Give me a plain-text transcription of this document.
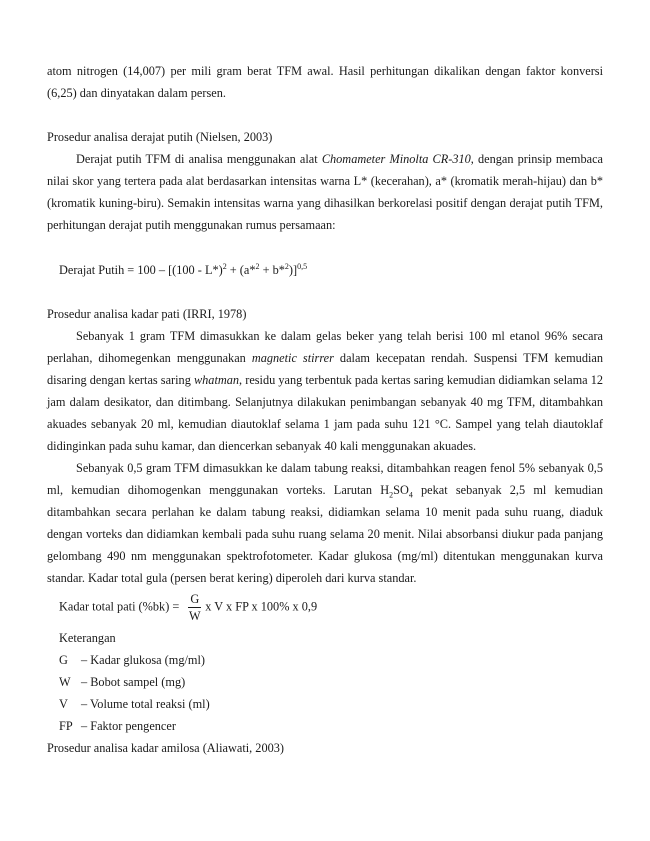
atom nitrogen (14,007) per mili gram berat TFM awal. Hasil perhitungan dikalikan dengan faktor konversi (6,25) dan dinyatakan dalam persen.
Prosedur analisa derajat putih (Nielsen, 2003)
Derajat putih TFM di analisa menggunakan alat Chomameter Minolta CR-310, dengan prinsip membaca nilai skor yang tertera pada alat berdasarkan intensitas warna L* (kecerahan), a* (kromatik merah-hijau) dan b* (kromatik kuning-biru). Semakin intensitas warna yang dihasilkan berkorelasi positif dengan derajat putih TFM, perhitungan derajat putih menggunakan rumus persamaan:
Derajat Putih = $100 - [(100 - L*)^2 + (a*^2 + b*^2)]^{0,5}$
Prosedur analisa kadar pati (IRRI, 1978)
Sebanyak 1 gram TFM dimasukkan ke dalam gelas beker yang telah berisi 100 ml etanol 96% secara perlahan, dihomegenkan menggunakan magnetic stirrer dalam kecepatan rendah. Suspensi TFM kemudian disaring dengan kertas saring whatman, residu yang terbentuk pada kertas saring kemudian didiamkan selama 12 jam dalam desikator, dan ditimbang. Selanjutnya dilakukan penimbangan sebanyak 40 mg TFM, ditambahkan akuades sebanyak 20 ml, kemudian diautoklaf selama 1 jam pada suhu 121 °C. Sampel yang telah diautoklaf didinginkan pada suhu kamar, dan diencerkan sebanyak 40 kali menggunakan akuades.
Sebanyak 0,5 gram TFM dimasukkan ke dalam tabung reaksi, ditambahkan reagen fenol 5% sebanyak 0,5 ml, kemudian dihomogenkan menggunakan vorteks. Larutan $H_2SO_4$ pekat sebanyak 2,5 ml kemudian ditambahkan secara perlahan ke dalam tabung reaksi, didiamkan selama 10 menit pada suhu ruang, diaduk dengan vorteks dan didiamkan kembali pada suhu ruang selama 20 menit. Nilai absorbansi diukur pada panjang gelombang 490 nm menggunakan spektrofotometer. Kadar glukosa (mg/ml) ditentukan menggunakan kurva standar. Kadar total gula (persen berat kering) diperoleh dari kurva standar.
Kadar total pati $(\%bk) = \frac{G}{W}$ x V x FP x 100% x 0,9
Keterangan
G – Kadar glukosa (mg/ml)
W – Bobot sampel (mg)
V – Volume total reaksi (ml)
FP – Faktor pengencer
Prosedur analisa kadar amilosa (Aliawati, 2003)
